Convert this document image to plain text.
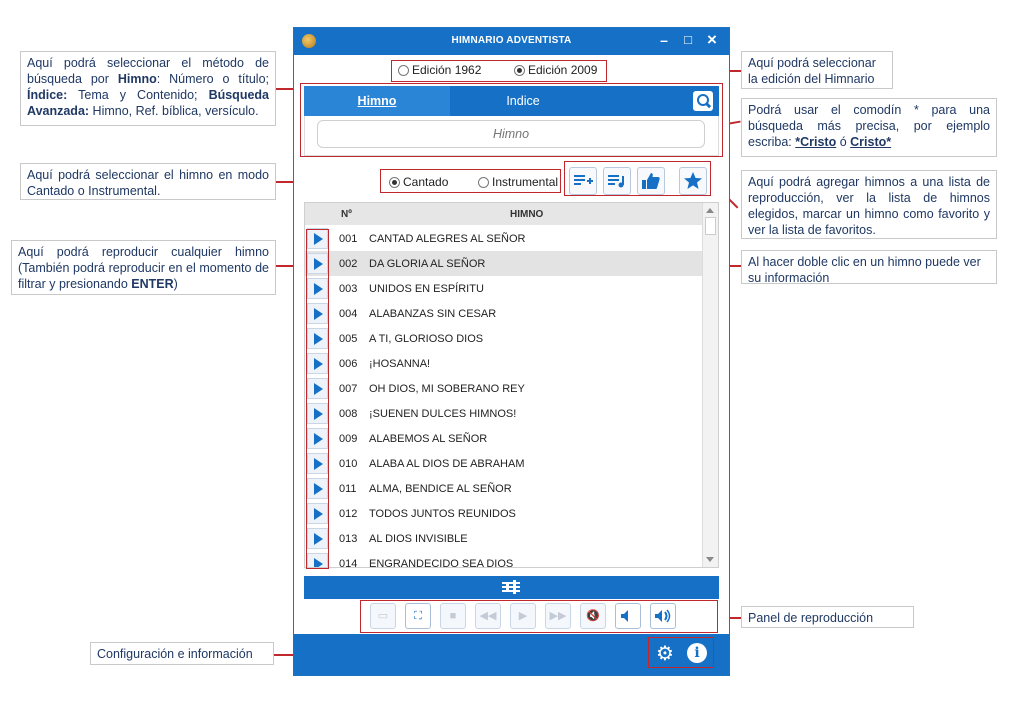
Aquí podrá seleccionar el método de búsqueda por Himno: Número o título; Índice: Tema y Contenido; Búsqueda Avanzada: Himno, Ref. bíblica, versículo.
Aquí podrá seleccionar la edición del Himnario
Podrá usar el comodín * para una búsqueda más precisa, por ejemplo escriba: *Cristo ó Cristo*
Aquí podrá seleccionar el himno en modo Cantado o Instrumental.
Aquí podrá agregar himnos a una lista de reproducción, ver la lista de himnos elegidos, marcar un himno como favorito y ver la lista de favoritos.
Aquí podrá reproducir cualquier himno (También podrá reproducir en el momento de filtrar y presionando ENTER)
Al hacer doble clic en un himno puede ver su información
Panel de reproducción
Configuración e información
HIMNARIO ADVENTISTA	–	□ ×
Edición 1962	Edición 2009
Himno	Indice
Himno
Cantado	Instrumental
Nº	HIMNO
001 CANTAD ALEGRES AL SEÑOR
002 DA GLORIA AL SEÑOR
003 UNIDOS EN ESPÍRITU
004 ALABANZAS SIN CESAR
005 A TI, GLORIOSO DIOS
006 ¡HOSANNA!
007 OH DIOS, MI SOBERANO REY
008 ¡SUENEN DULCES HIMNOS!
009 ALABEMOS AL SEÑOR
010 ALABA AL DIOS DE ABRAHAM
011 ALMA, BENDICE AL SEÑOR
012 TODOS JUNTOS REUNIDOS
013 AL DIOS INVISIBLE
014 ENGRANDECIDO SEA DIOS
▭	⛶	■	◀◀	▶	▶▶	🔇
⚙	i
